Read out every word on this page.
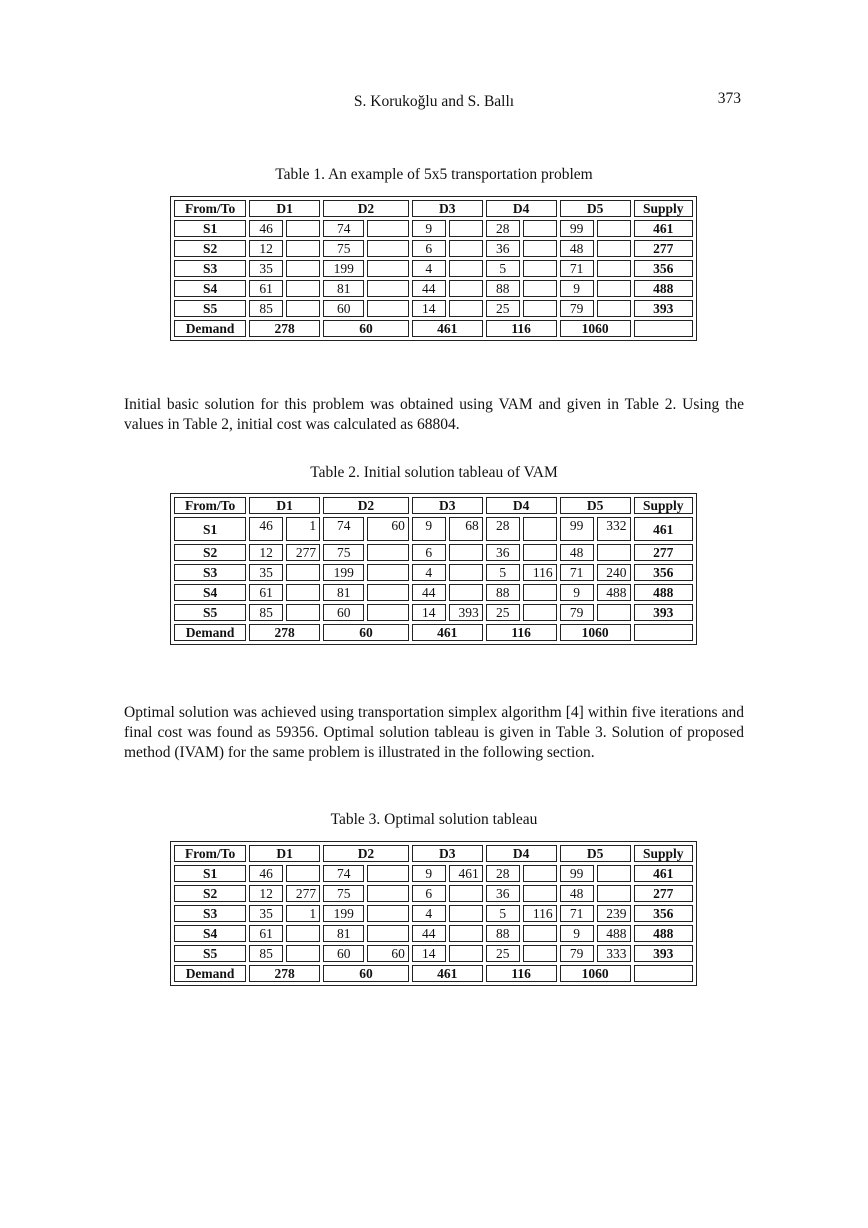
S. Korukoğlu and S. Ballı	373
Table 1. An example of 5x5 transportation problem
From/To	D1		D2		D3		D4		D5		Supply
S1	46		74		9		28		99		461
S2	12		75		6		36		48		277
S3	35		199		4		5		71		356
S4	61		81		44		88		9		488
S5	85		60		14		25		79		393
Demand	278		60		461		116		1060		
Initial basic solution for this problem was obtained using VAM and given in Table 2. Using the values in Table 2, initial cost was calculated as 68804.
Table 2. Initial solution tableau of VAM
From/To	D1		D2		D3		D4		D5		Supply
S1	46	1	74	60	9	68	28		99	332	461
S2	12	277	75		6		36		48		277
S3	35		199		4		5	116	71	240	356
S4	61		81		44		88		9	488	488
S5	85		60		14	393	25		79		393
Demand	278		60		461		116		1060		
Optimal solution was achieved using transportation simplex algorithm [4] within five iterations and final cost was found as 59356. Optimal solution tableau is given in Table 3. Solution of proposed method (IVAM) for the same problem is illustrated in the following section.
Table 3. Optimal solution tableau
From/To	D1		D2		D3		D4		D5		Supply
S1	46		74		9	461	28		99		461
S2	12	277	75		6		36		48		277
S3	35	1	199		4		5	116	71	239	356
S4	61		81		44		88		9	488	488
S5	85		60	60	14		25		79	333	393
Demand	278		60		461		116		1060		
